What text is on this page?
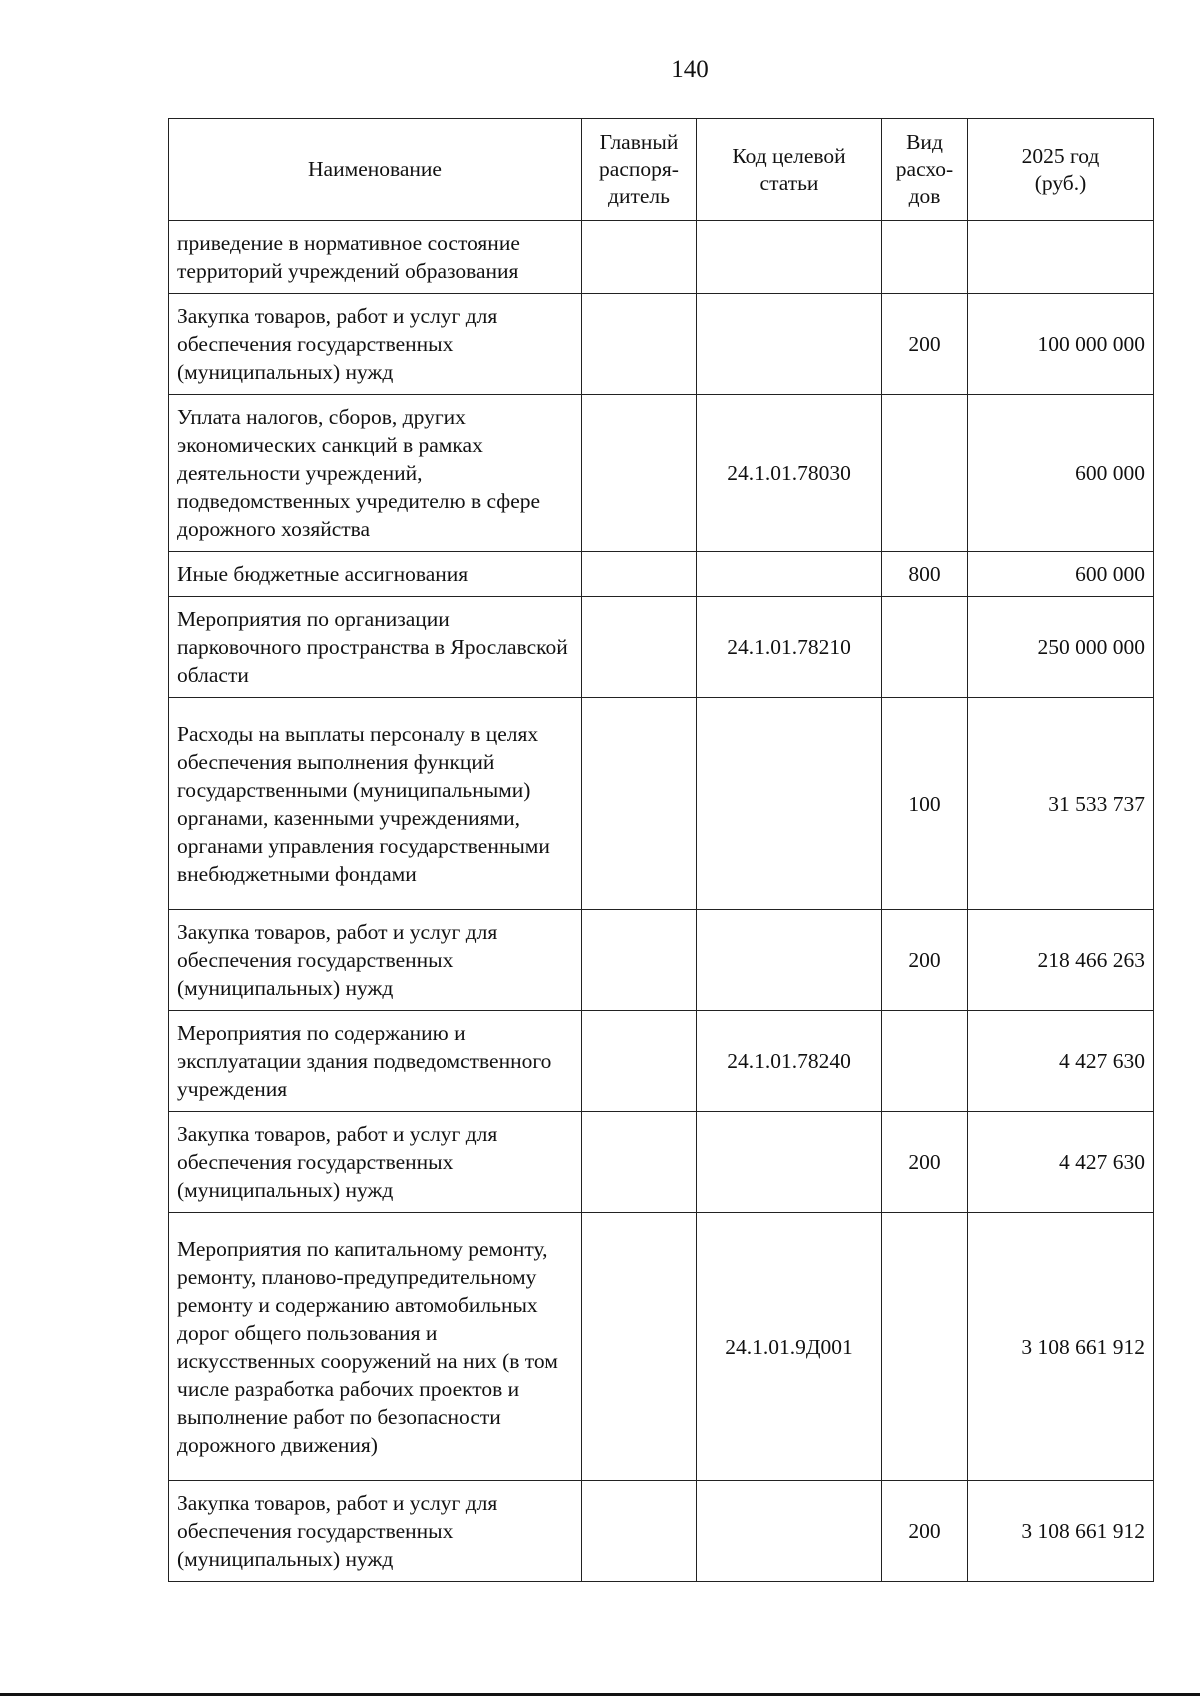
140
Наименование	Главный распоря-дитель	Код целевой статьи	Вид расхо-дов	2025 год (руб.)
приведение в нормативное состояние территорий учреждений образования				
Закупка товаров, работ и услуг для обеспечения государственных (муниципальных) нужд			200	100 000 000
Уплата налогов, сборов, других экономических санкций в рамках деятельности учреждений, подведомственных учредителю в сфере дорожного хозяйства		24.1.01.78030		600 000
Иные бюджетные ассигнования			800	600 000
Мероприятия по организации парковочного пространства в Ярославской области		24.1.01.78210		250 000 000
Расходы на выплаты персоналу в целях обеспечения выполнения функций государственными (муниципальными) органами, казенными учреждениями, органами управления государственными внебюджетными фондами			100	31 533 737
Закупка товаров, работ и услуг для обеспечения государственных (муниципальных) нужд			200	218 466 263
Мероприятия по содержанию и эксплуатации здания подведомственного учреждения		24.1.01.78240		4 427 630
Закупка товаров, работ и услуг для обеспечения государственных (муниципальных) нужд			200	4 427 630
Мероприятия по капитальному ремонту, ремонту, планово-предупредительному ремонту и содержанию автомобильных дорог общего пользования и искусственных сооружений на них (в том числе разработка рабочих проектов и выполнение работ по безопасности дорожного движения)		24.1.01.9Д001		3 108 661 912
Закупка товаров, работ и услуг для обеспечения государственных (муниципальных) нужд			200	3 108 661 912
